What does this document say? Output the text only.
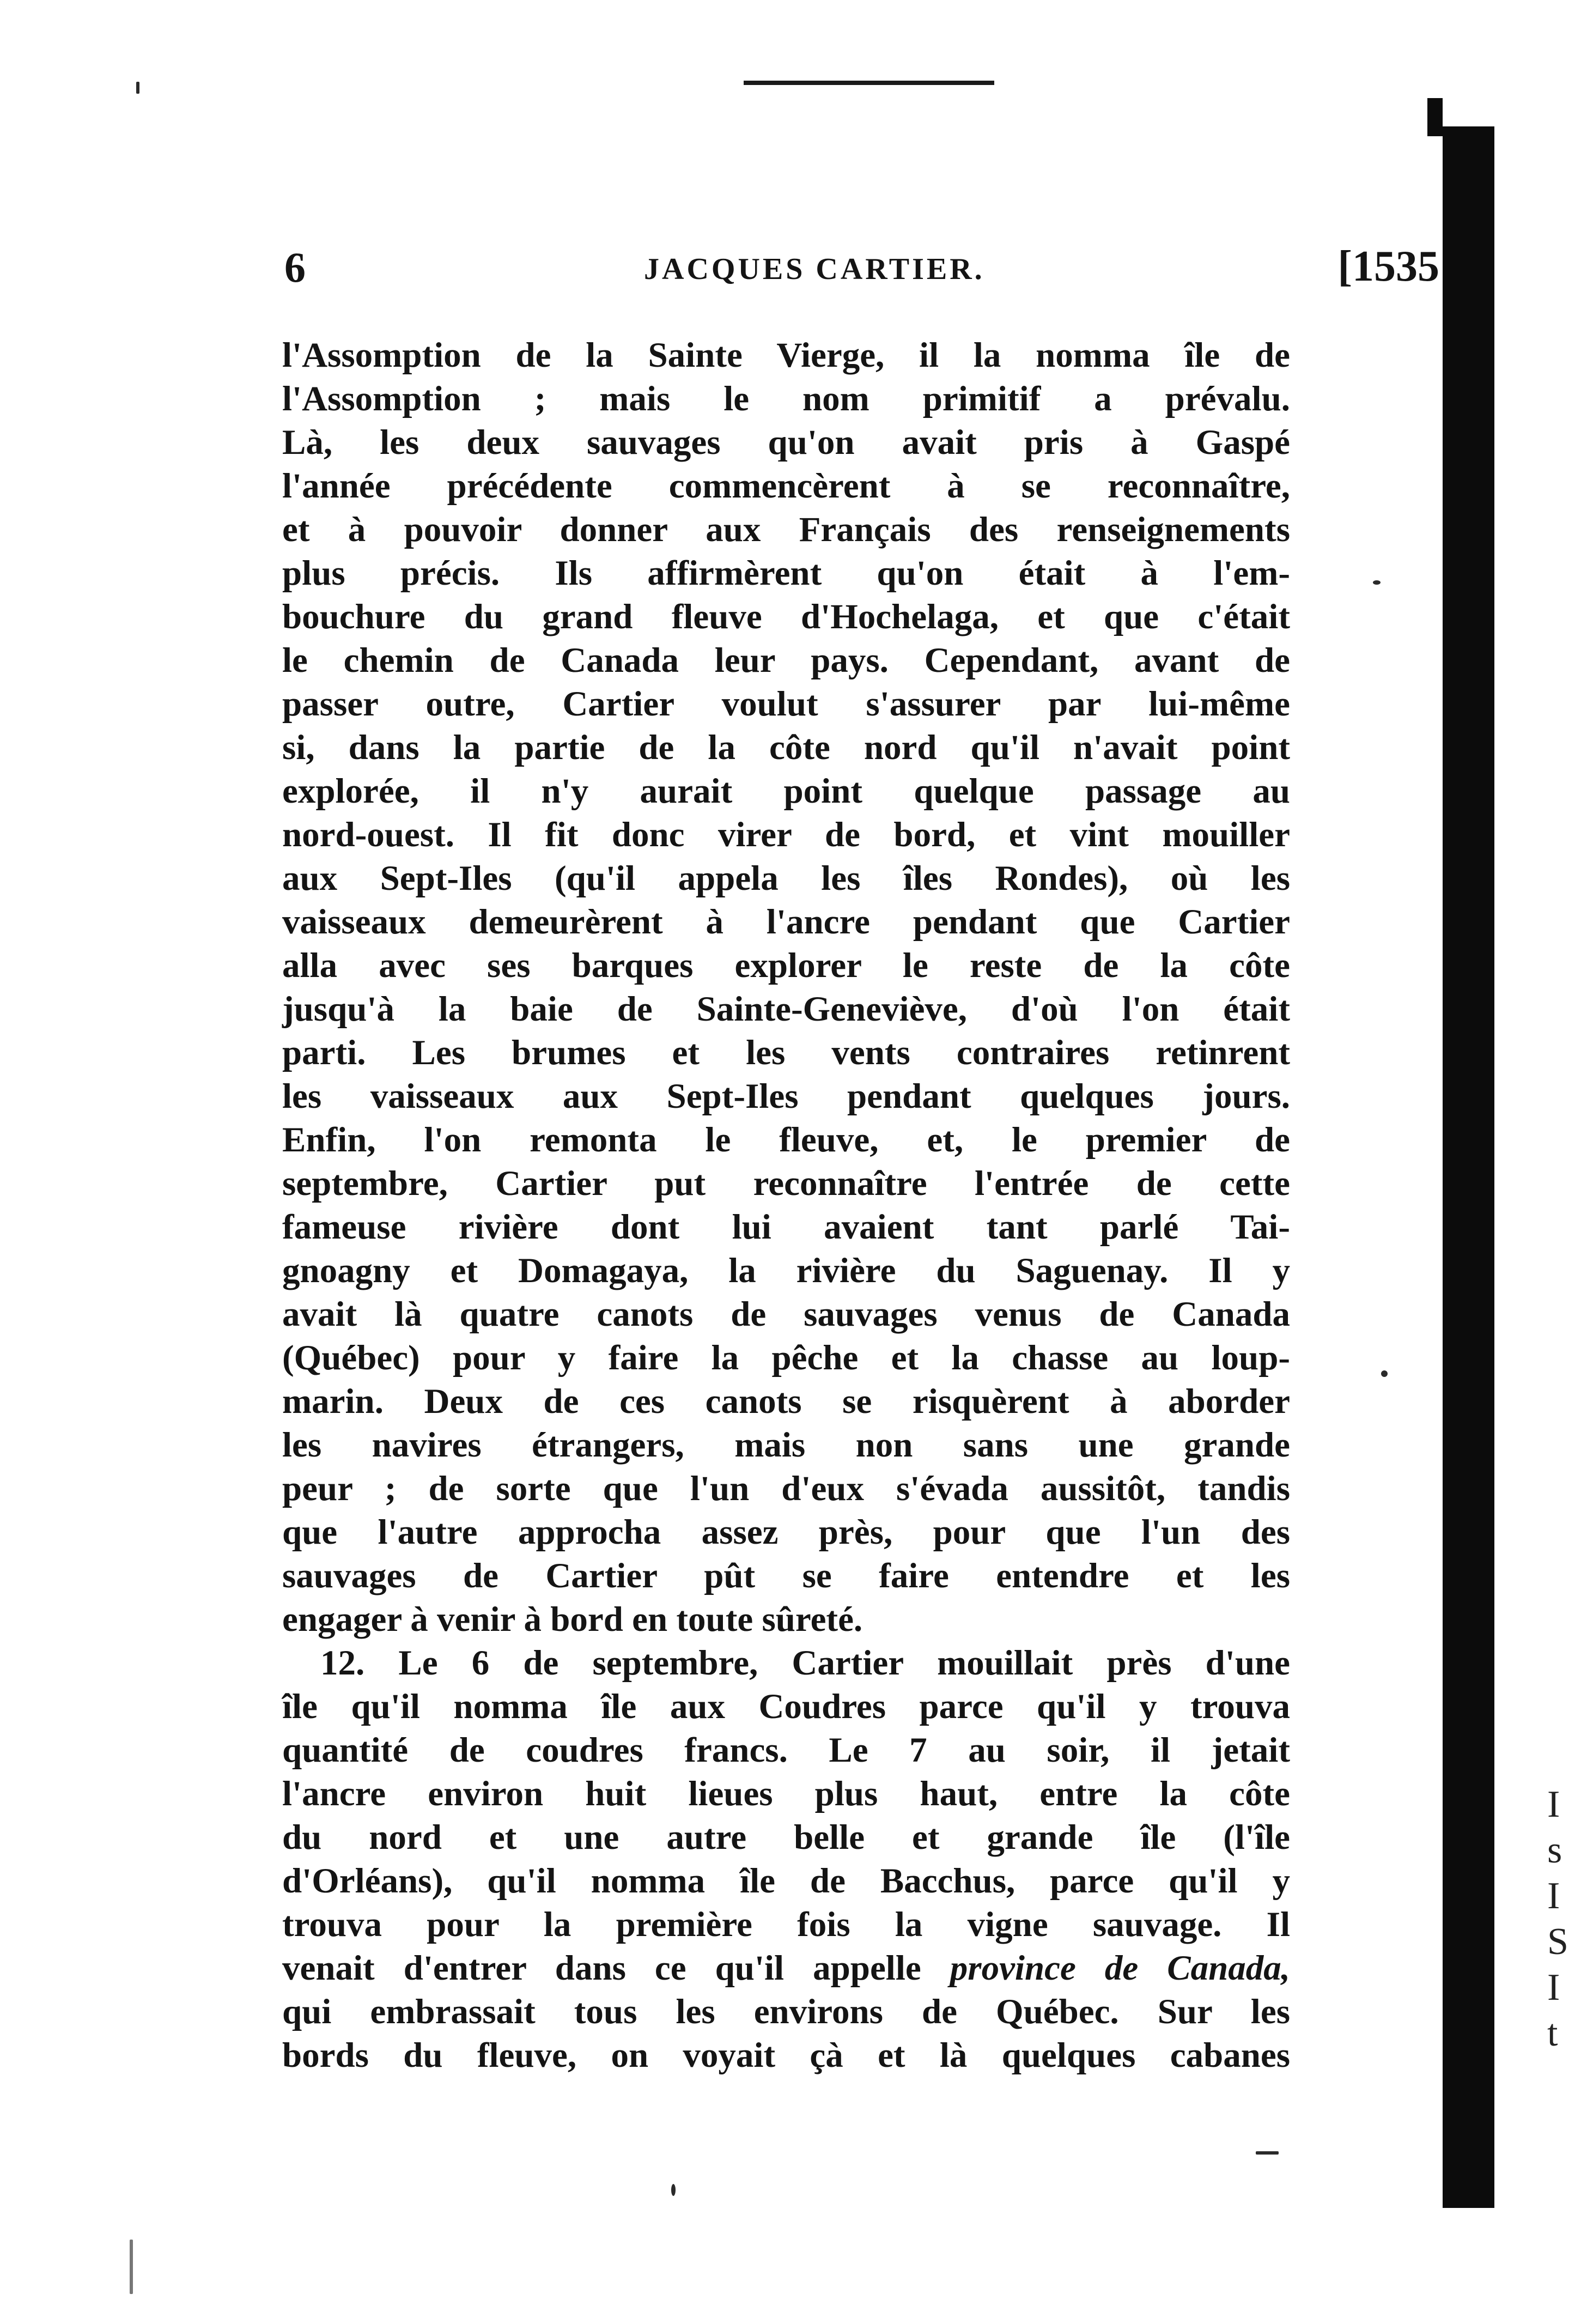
6	JACQUES CARTIER.	[1535
l'Assomption de la Sainte Vierge, il la nomma île de
l'Assomption ; mais le nom primitif a prévalu.
Là, les deux sauvages qu'on avait pris à Gaspé
l'année précédente commencèrent à se reconnaître,
et à pouvoir donner aux Français des renseignements
plus précis. Ils affirmèrent qu'on était à l'em-
bouchure du grand fleuve d'Hochelaga, et que c'était
le chemin de Canada leur pays. Cependant, avant de
passer outre, Cartier voulut s'assurer par lui-même
si, dans la partie de la côte nord qu'il n'avait point
explorée, il n'y aurait point quelque passage au
nord-ouest. Il fit donc virer de bord, et vint mouiller
aux Sept-Iles (qu'il appela les îles Rondes), où les
vaisseaux demeurèrent à l'ancre pendant que Cartier
alla avec ses barques explorer le reste de la côte
jusqu'à la baie de Sainte-Geneviève, d'où l'on était
parti. Les brumes et les vents contraires retinrent
les vaisseaux aux Sept-Iles pendant quelques jours.
Enfin, l'on remonta le fleuve, et, le premier de
septembre, Cartier put reconnaître l'entrée de cette
fameuse rivière dont lui avaient tant parlé Tai-
gnoagny et Domagaya, la rivière du Saguenay. Il y
avait là quatre canots de sauvages venus de Canada
(Québec) pour y faire la pêche et la chasse au loup-
marin. Deux de ces canots se risquèrent à aborder
les navires étrangers, mais non sans une grande
peur ; de sorte que l'un d'eux s'évada aussitôt, tandis
que l'autre approcha assez près, pour que l'un des
sauvages de Cartier pût se faire entendre et les
engager à venir à bord en toute sûreté.
12. Le 6 de septembre, Cartier mouillait près d'une
île qu'il nomma île aux Coudres parce qu'il y trouva
quantité de coudres francs. Le 7 au soir, il jetait
l'ancre environ huit lieues plus haut, entre la côte
du nord et une autre belle et grande île (l'île
d'Orléans), qu'il nomma île de Bacchus, parce qu'il y
trouva pour la première fois la vigne sauvage. Il
venait d'entrer dans ce qu'il appelle province de Canada,
qui embrassait tous les environs de Québec. Sur les
bords du fleuve, on voyait çà et là quelques cabanes
I
s
I
S
I
t
